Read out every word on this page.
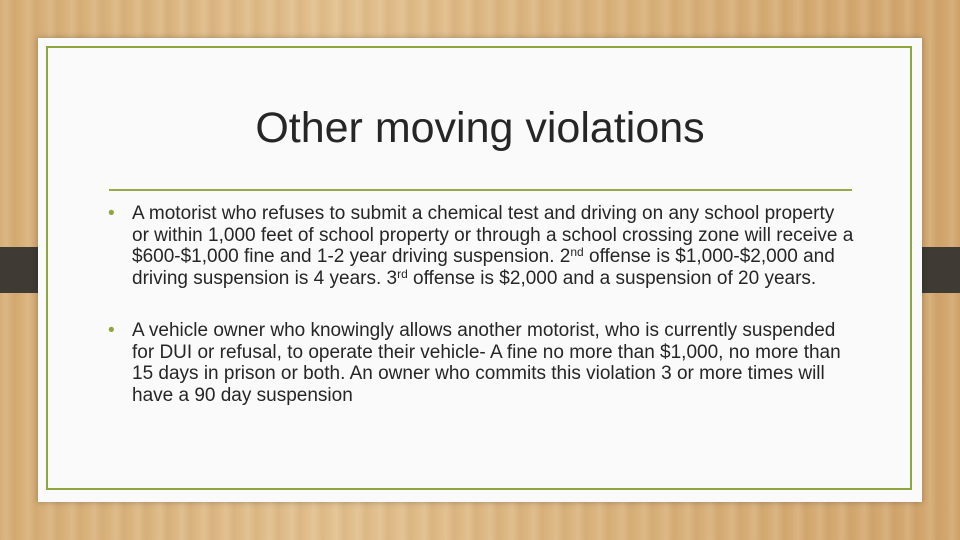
Other moving violations
• A motorist who refuses to submit a chemical test and driving on any school property or within 1,000 feet of school property or through a school crossing zone will receive a $600-$1,000 fine and 1-2 year driving suspension. 2nd offense is $1,000-$2,000 and driving suspension is 4 years. 3rd offense is $2,000 and a suspension of 20 years.
• A vehicle owner who knowingly allows another motorist, who is currently suspended for DUI or refusal, to operate their vehicle- A fine no more than $1,000, no more than 15 days in prison or both. An owner who commits this violation 3 or more times will have a 90 day suspension
